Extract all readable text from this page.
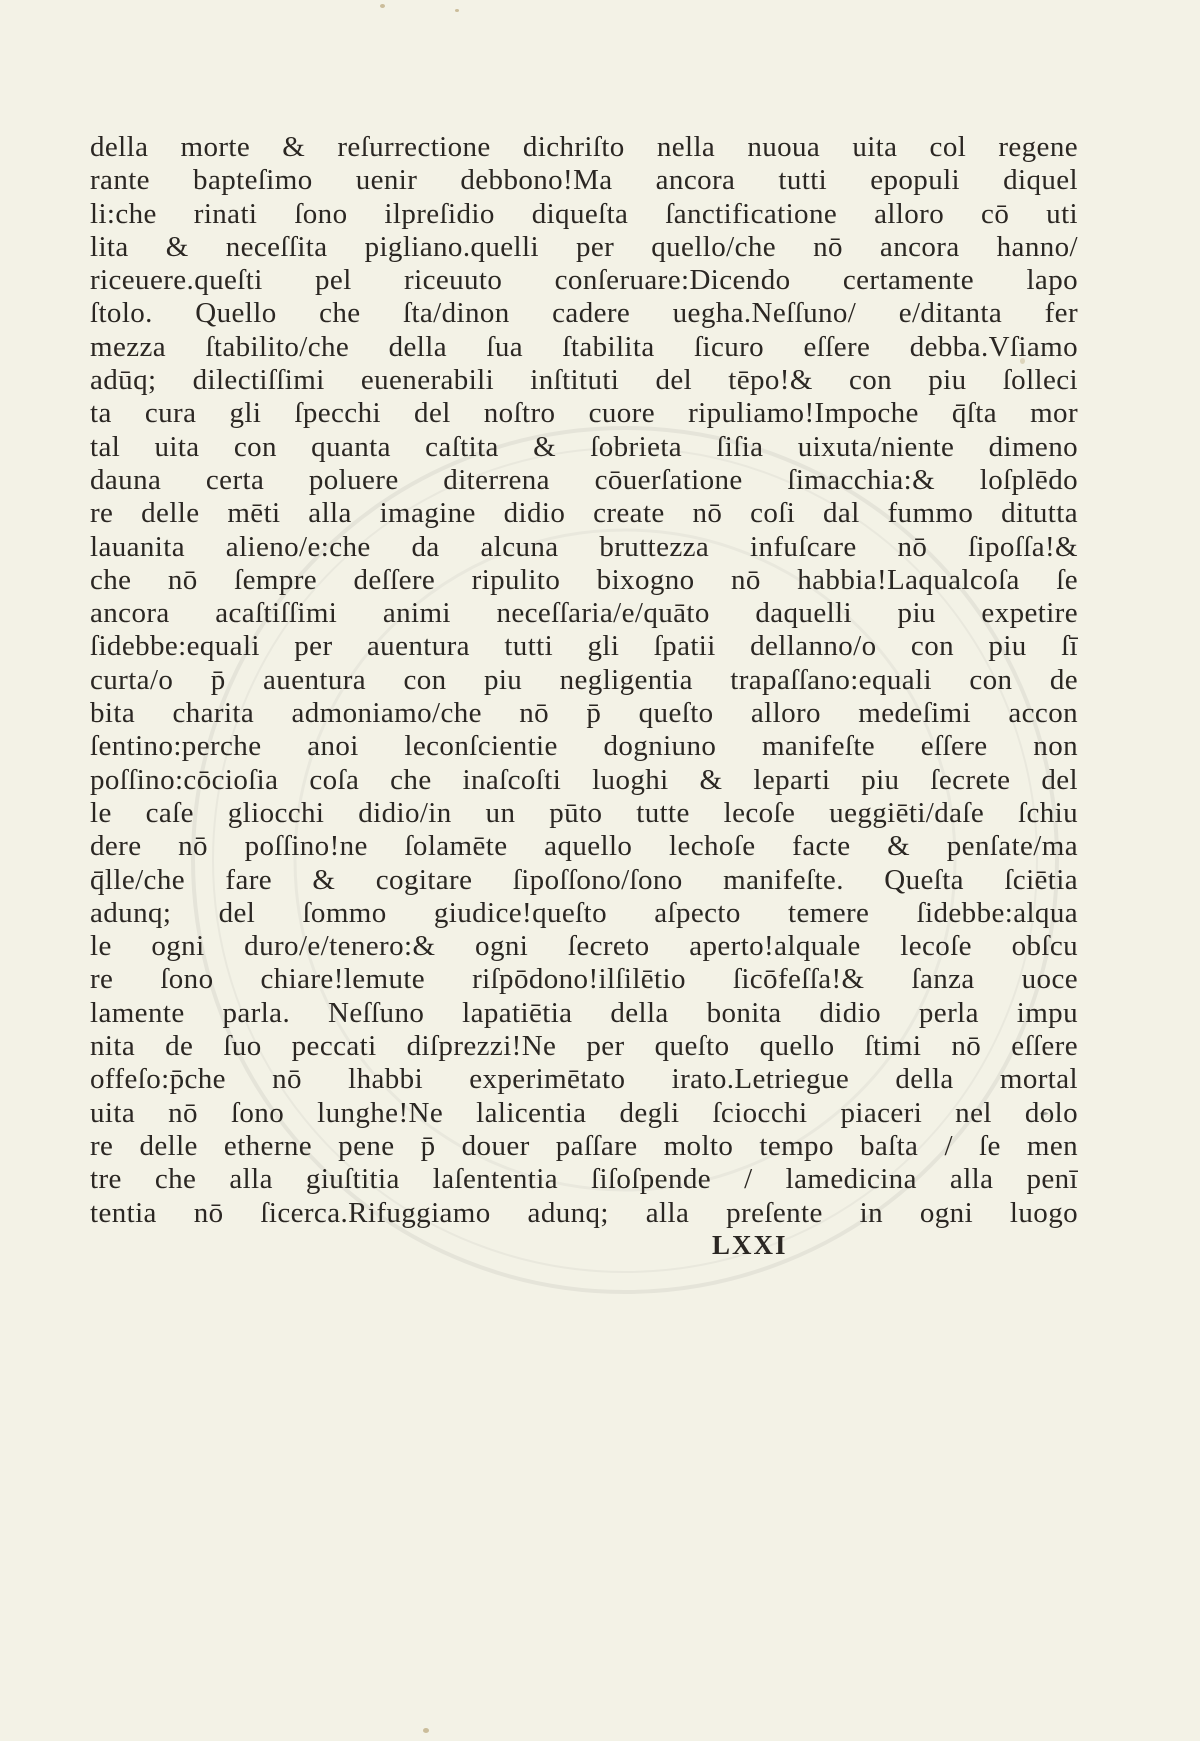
della morte & reſurrectione dichriſto nella nuoua uita col regene
rante bapteſimo uenir debbono!Ma ancora tutti epopuli diquel
li:che rinati ſono ilpreſidio diqueſta ſanctificatione alloro cō uti
lita & neceſſita pigliano.quelli per quello/che nō ancora hanno/
riceuere.queſti pel riceuuto conſeruare:Dicendo certamente lapo
ſtolo. Quello che ſta/dinon cadere uegha.Neſſuno/ e/ditanta fer
mezza ſtabilito/che della ſua ſtabilita ſicuro eſſere debba.Vſiamo
adūq; dilectiſſimi euenerabili inſtituti del tēpo!& con piu ſolleci
ta cura gli ſpecchi del noſtro cuore ripuliamo!Impoche q̄ſta mor
tal uita con quanta caſtita & ſobrieta ſiſia uixuta/niente dimeno
dauna certa poluere diterrena cōuerſatione ſimacchia:& loſplēdo
re delle mēti alla imagine didio create nō coſi dal fummo ditutta
lauanita alieno/e:che da alcuna bruttezza infuſcare nō ſipoſſa!&
che nō ſempre deſſere ripulito bixogno nō habbia!Laqualcoſa ſe
ancora acaſtiſſimi animi neceſſaria/e/quāto daquelli piu expetire
ſidebbe:equali per auentura tutti gli ſpatii dellanno/o con piu ſī
curta/o p̄ auentura con piu negligentia trapaſſano:equali con de
bita charita admoniamo/che nō p̄ queſto alloro medeſimi accon
ſentino:perche anoi leconſcientie dogniuno manifeſte eſſere non
poſſino:cōcioſia coſa che inaſcoſti luoghi & leparti piu ſecrete del
le caſe gliocchi didio/in un pūto tutte lecoſe ueggiēti/daſe ſchiu
dere nō poſſino!ne ſolamēte aquello lechoſe facte & penſate/ma
q̄lle/che fare & cogitare ſipoſſono/ſono manifeſte. Queſta ſciētia
adunq; del ſommo giudice!queſto aſpecto temere ſidebbe:alqua
le ogni duro/e/tenero:& ogni ſecreto aperto!alquale lecoſe obſcu
re ſono chiare!lemute riſpōdono!ilſilētio ſicōfeſſa!& ſanza uoce
lamente parla. Neſſuno lapatiētia della bonita didio perla impu
nita de ſuo peccati diſprezzi!Ne per queſto quello ſtimi nō eſſere
offeſo:p̄che nō lhabbi experimētato irato.Letriegue della mortal
uita nō ſono lunghe!Ne lalicentia degli ſciocchi piaceri nel dolo
re delle etherne pene p̄ douer paſſare molto tempo baſta / ſe men
tre che alla giuſtitia laſententia ſiſoſpende / lamedicina alla penī
tentia nō ſicerca.Rifuggiamo adunq; alla preſente in ogni luogo
LXXI
